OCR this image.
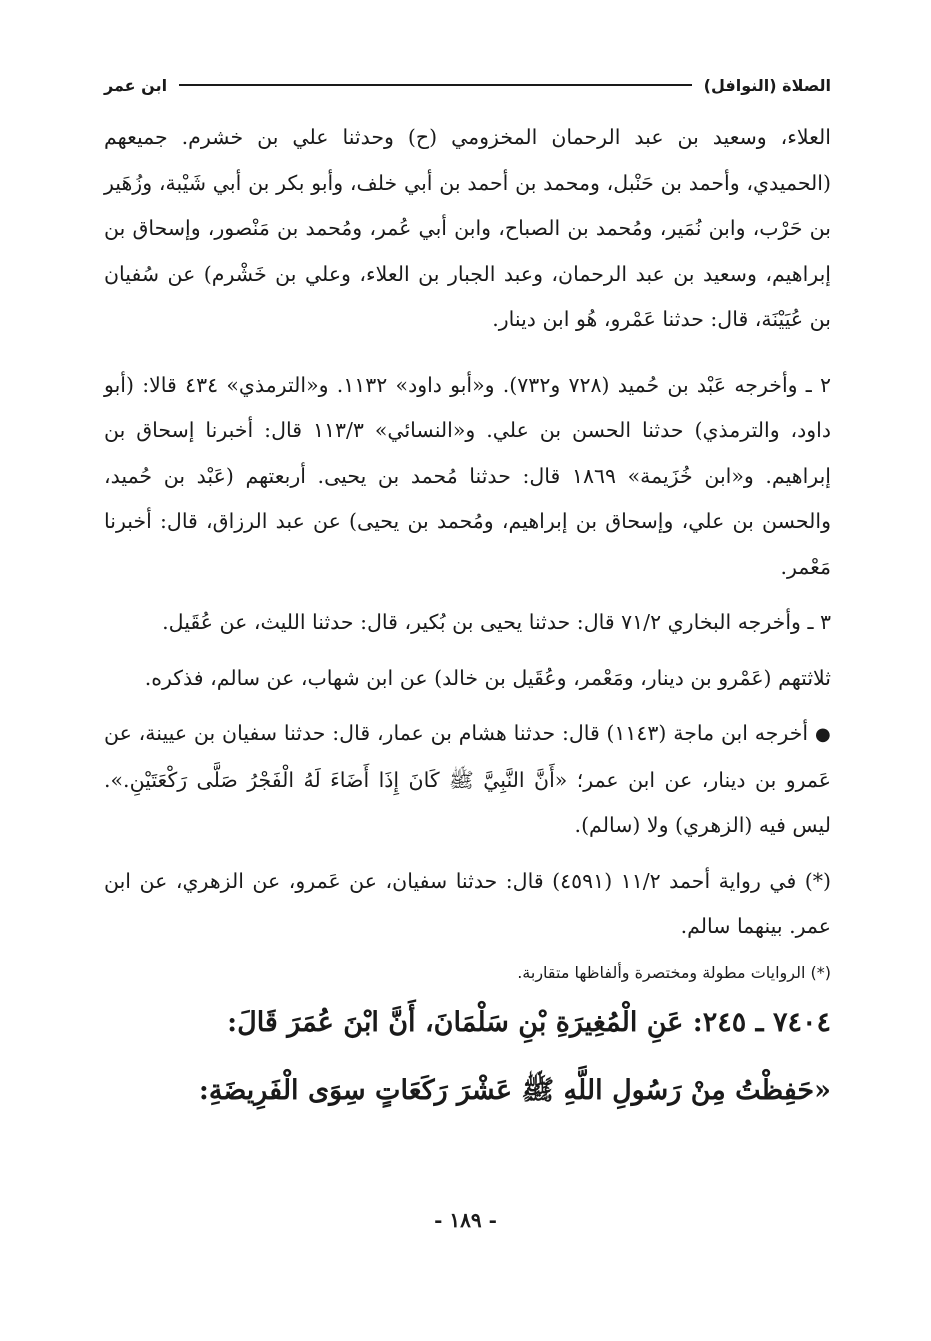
الصلاة (النوافل)
ابن عمر

العلاء، وسعيد بن عبد الرحمان المخزومي (ح) وحدثنا علي بن خشرم. جميعهم (الحميدي، وأحمد بن حَنْبل، ومحمد بن أحمد بن أبي خلف، وأبو بكر بن أبي شَيْبة، وزُهَير بن حَرْب، وابن نُمَير، ومُحمد بن الصباح، وابن أبي عُمر، ومُحمد بن مَنْصور، وإسحاق بن إبراهيم، وسعيد بن عبد الرحمان، وعبد الجبار بن العلاء، وعلي بن خَشْرم) عن سُفيان بن عُيَيْنَة، قال: حدثنا عَمْرو، هُو ابن دينار.

٢ ـ وأخرجه عَبْد بن حُميد (٧٢٨ و٧٣٢). و«أبو داود» ١١٣٢. و«الترمذي» ٤٣٤ قالا: (أبو داود، والترمذي) حدثنا الحسن بن علي. و«النسائي» ١١٣/٣ قال: أخبرنا إسحاق بن إبراهيم. و«ابن خُزَيمة» ١٨٦٩ قال: حدثنا مُحمد بن يحيى. أربعتهم (عَبْد بن حُميد، والحسن بن علي، وإسحاق بن إبراهيم، ومُحمد بن يحيى) عن عبد الرزاق، قال: أخبرنا مَعْمر.

٣ ـ وأخرجه البخاري ٧١/٢ قال: حدثنا يحيى بن بُكير، قال: حدثنا الليث، عن عُقَيل.

ثلاثتهم (عَمْرو بن دينار، ومَعْمر، وعُقَيل بن خالد) عن ابن شهاب، عن سالم، فذكره.

● أخرجه ابن ماجة (١١٤٣) قال: حدثنا هشام بن عمار، قال: حدثنا سفيان بن عيينة، عن عَمرو بن دينار، عن ابن عمر؛ «أَنَّ النَّبِيَّ ﷺ كَانَ إِذَا أَضَاءَ لَهُ الْفَجْرُ صَلَّى رَكْعَتَيْنِ.». ليس فيه (الزهري) ولا (سالم).

(*) في رواية أحمد ١١/٢ (٤٥٩١) قال: حدثنا سفيان، عن عَمرو، عن الزهري، عن ابن عمر. بينهما سالم.

(*) الروايات مطولة ومختصرة وألفاظها متقاربة.

٧٤٠٤ ـ ٢٤٥: عَنِ الْمُغِيرَةِ بْنِ سَلْمَانَ، أَنَّ ابْنَ عُمَرَ قَالَ:

«حَفِظْتُ مِنْ رَسُولِ اللَّهِ ﷺ عَشْرَ رَكَعَاتٍ سِوَى الْفَرِيضَةِ:

- ١٨٩ -
